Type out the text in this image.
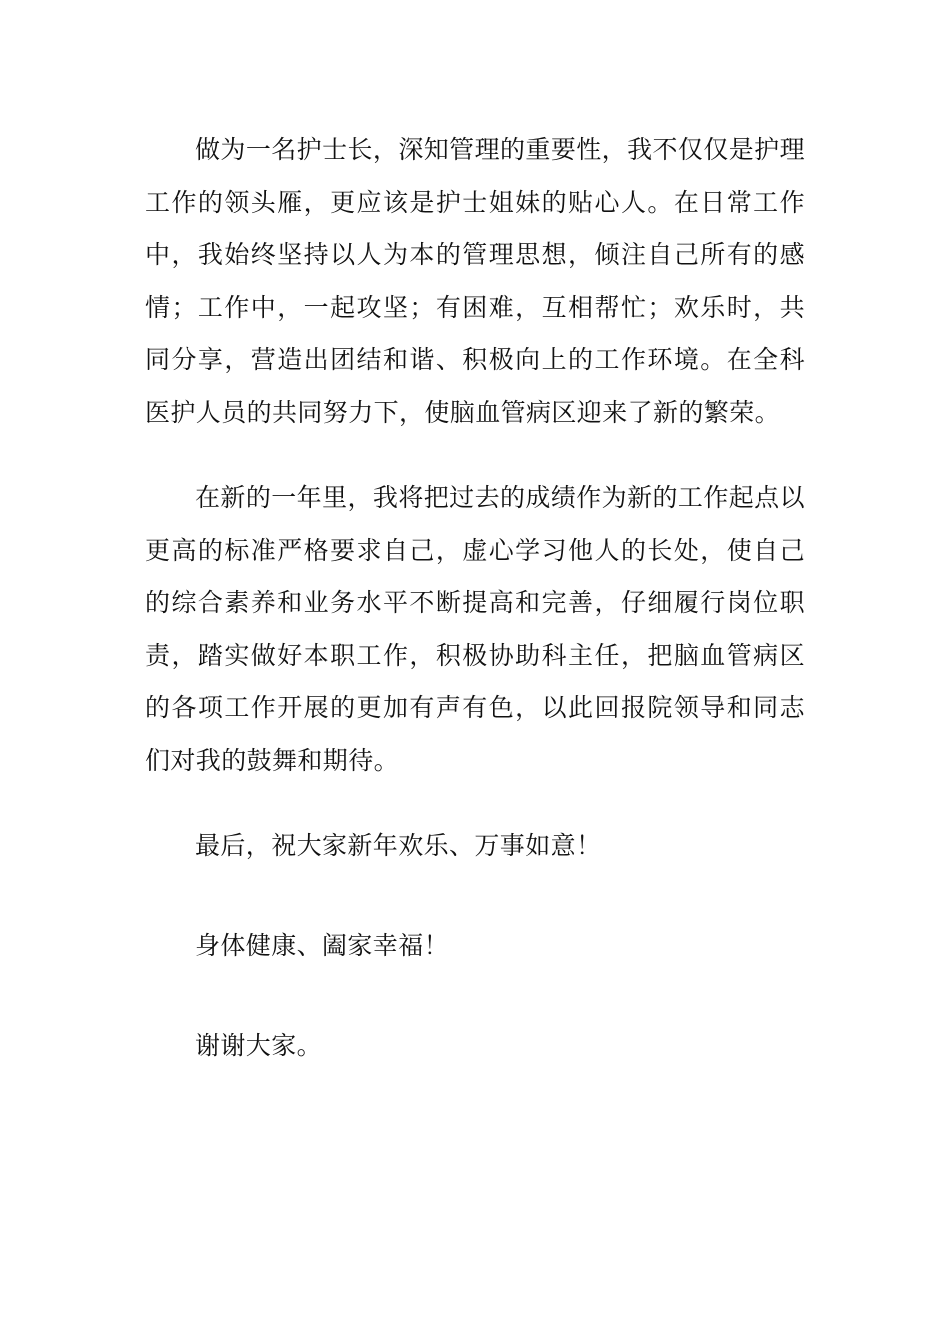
做为一名护士长，深知管理的重要性，我不仅仅是护理工作的领头雁，更应该是护士姐妹的贴心人。在日常工作中，我始终坚持以人为本的管理思想，倾注自己所有的感情；工作中，一起攻坚；有困难，互相帮忙；欢乐时，共同分享，营造出团结和谐、积极向上的工作环境。在全科医护人员的共同努力下，使脑血管病区迎来了新的繁荣。

在新的一年里，我将把过去的成绩作为新的工作起点以更高的标准严格要求自己，虚心学习他人的长处，使自己的综合素养和业务水平不断提高和完善，仔细履行岗位职责，踏实做好本职工作，积极协助科主任，把脑血管病区的各项工作开展的更加有声有色，以此回报院领导和同志们对我的鼓舞和期待。

最后，祝大家新年欢乐、万事如意！

身体健康、阖家幸福！

谢谢大家。
